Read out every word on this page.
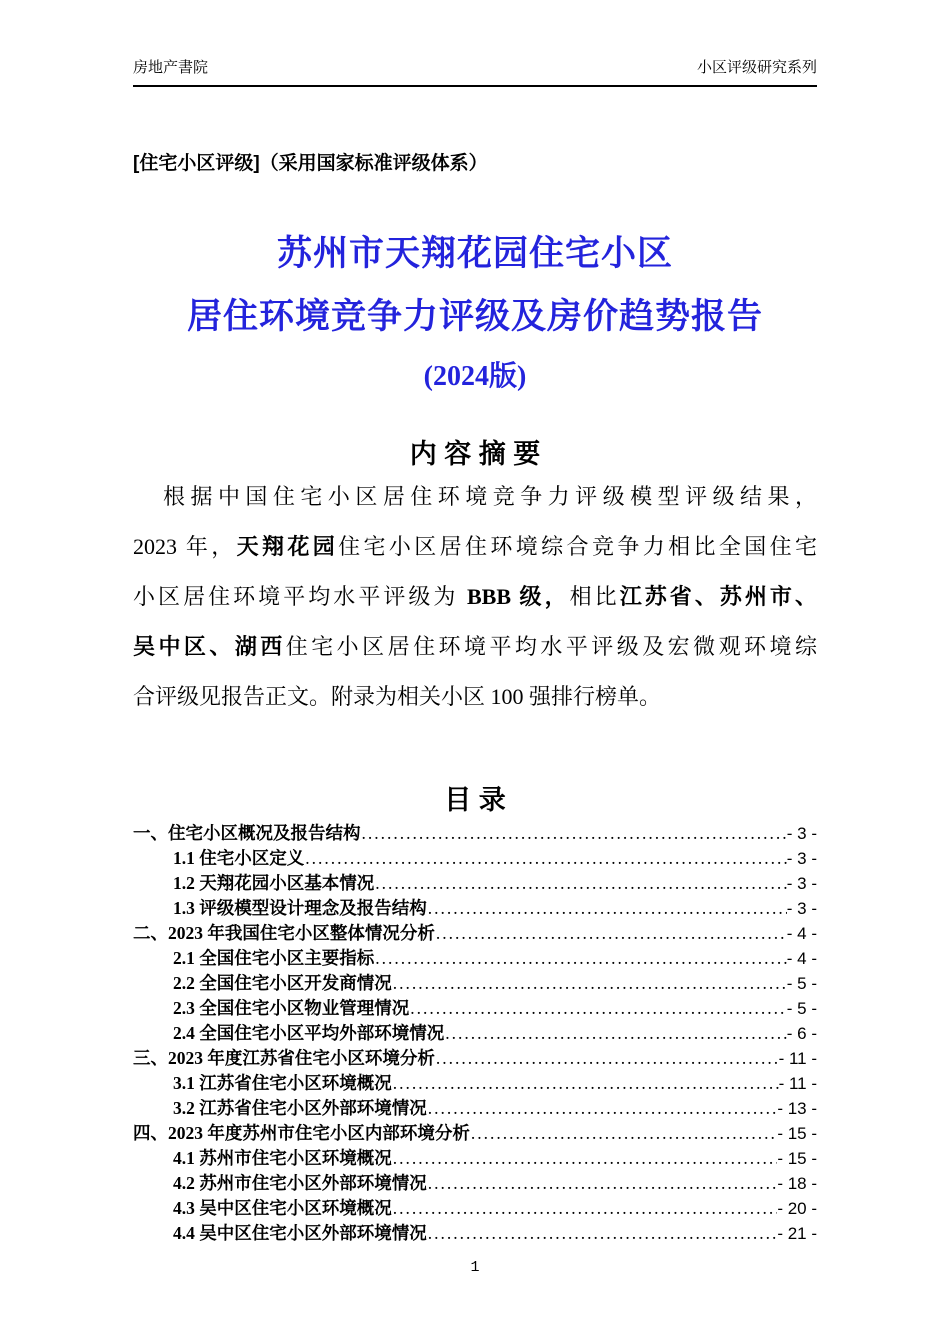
房地产書院	小区评级研究系列
[住宅小区评级]（采用国家标准评级体系）
苏州市天翔花园住宅小区
居住环境竞争力评级及房价趋势报告
(2024版)
内 容 摘 要

根据中国住宅小区居住环境竞争力评级模型评级结果，

2023 年，天翔花园住宅小区居住环境综合竞争力相比全国住宅

小区居住环境平均水平评级为 BBB 级，相比江苏省、苏州市、

吴中区、湖西住宅小区居住环境平均水平评级及宏微观环境综

合评级见报告正文。附录为相关小区 100 强排行榜单。

目 录
一、住宅小区概况及报告结构 .....	- 3 -
1.1 住宅小区定义 .....	- 3 -
1.2 天翔花园小区基本情况 .....	- 3 -
1.3 评级模型设计理念及报告结构 .....	- 3 -
二、2023 年我国住宅小区整体情况分析 .....	- 4 -
2.1 全国住宅小区主要指标 .....	- 4 -
2.2 全国住宅小区开发商情况 .....	- 5 -
2.3 全国住宅小区物业管理情况 .....	- 5 -
2.4 全国住宅小区平均外部环境情况 .....	- 6 -
三、2023 年度江苏省住宅小区环境分析 .....	- 11 -
3.1 江苏省住宅小区环境概况 .....	- 11 -
3.2 江苏省住宅小区外部环境情况 .....	- 13 -
四、2023 年度苏州市住宅小区内部环境分析 .....	- 15 -
4.1 苏州市住宅小区环境概况 .....	- 15 -
4.2 苏州市住宅小区外部环境情况 .....	- 18 -
4.3 吴中区住宅小区环境概况 .....	- 20 -
4.4 吴中区住宅小区外部环境情况 .....	- 21 -
1
